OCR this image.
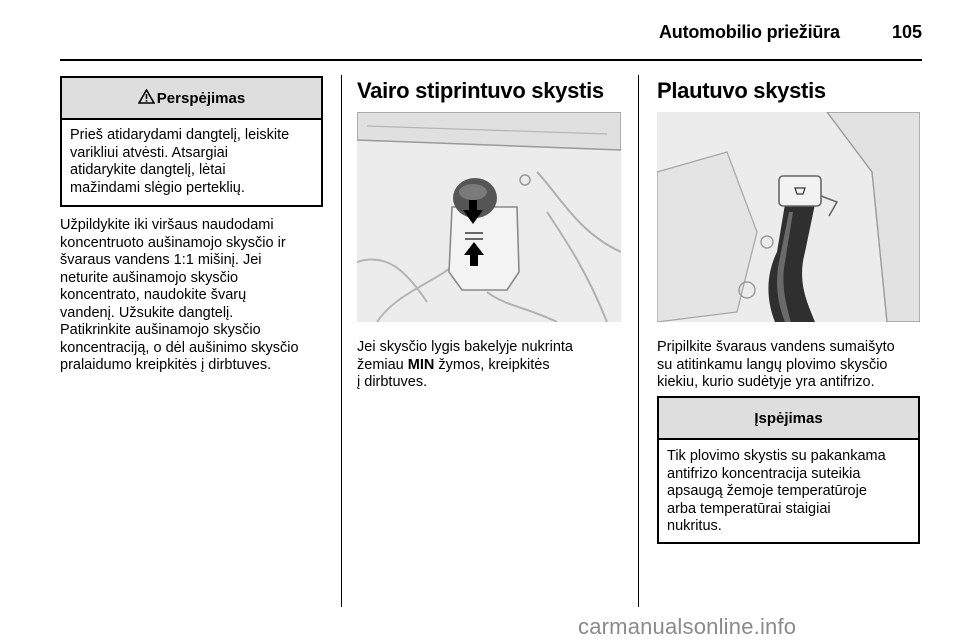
Automobilio priežiūra	105
Perspėjimas
Prieš atidarydami dangtelį, leiskite
varikliui atvėsti. Atsargiai
atidarykite dangtelį, lėtai
mažindami slėgio perteklių.
Užpildykite iki viršaus naudodami
koncentruoto aušinamojo skysčio ir
švaraus vandens 1:1 mišinį. Jei
neturite aušinamojo skysčio
koncentrato, naudokite švarų
vandenį. Užsukite dangtelį.
Patikrinkite aušinamojo skysčio
koncentraciją, o dėl aušinimo skysčio
pralaidumo kreipkitės į dirbtuves.
Vairo stiprintuvo skystis
Jei skysčio lygis bakelyje nukrinta
žemiau MIN žymos, kreipkitės
į dirbtuves.
Plautuvo skystis
Pripilkite švaraus vandens sumaišyto
su atitinkamu langų plovimo skysčio
kiekiu, kurio sudėtyje yra antifrizo.
Įspėjimas
Tik plovimo skystis su pakankama
antifrizo koncentracija suteikia
apsaugą žemoje temperatūroje
arba temperatūrai staigiai
nukritus.
carmanualsonline.info
